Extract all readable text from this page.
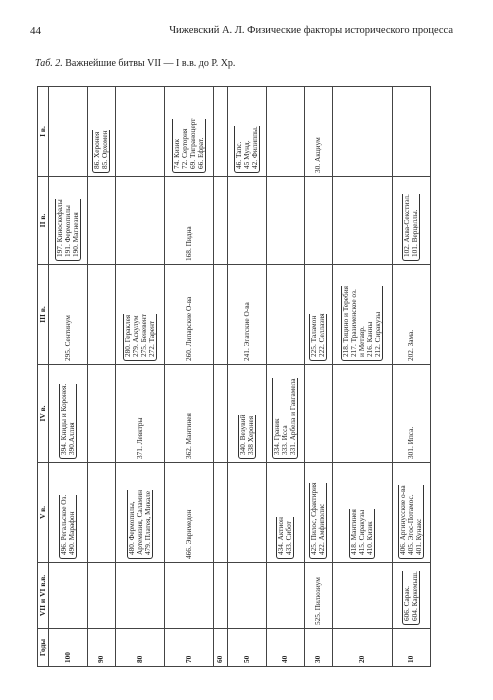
44	Чижевский А. Л. Физические факторы исторического процесса
Таб. 2. Важнейшие битвы VII — I в.в. до Р. Хр.
Годы	VII и VI в.в.	V в.	IV в.	III в.	II в.	I в.
100		496. Регальское Оз. 490. Марафон	394. Книды и Коронея. 390.Аллия	295. Сентинум	197. Киноскефалы 191. Фермопилы 190. Магнезия	

90						86. Херонея 85. Орхомен

80		480. Фермопилы, Артемизия, Саламин 479. Платея, Микале	371. Левктры	280. Гераклея 279. Аскулум 275. Беневент 272. Тарент		

70		466. Эвримедон	362. Мантинея	260. Липарские О-ва	168. Пидна	74. Кизик 72. Сертория 69. Тиграноцерт 66. Ефрат.

60						
50			340. Везувий 338 Херонея	241. Эгатские О-ва		46. Тапс. 45 Мунд. 42. Филиппы.

40		434. Актион 433. Сибот	334. Граник 333. Исса 331. Арбела и Гавгамела			

30	525. Пилюзиум	425. Пилос, Сфактирия 422. Амфиполис		225. Таламон 222. Селлазия		30. Акциум

20		418. Мантинея 415. Сиракузы 410. Кизик		218. Тицино и Теребия 217. Тразименское оз. и Метавр. 216. Канны 212. Сиракузы		

10	606. Сарак. 604. Каркемыш.	406. Аргинусские о-ва 405. Эгос-Потамос. 401. Кунакс	301. Ипса.	202. Зама.	102. Аква-Секстиэл. 101. Верцеллы.	
